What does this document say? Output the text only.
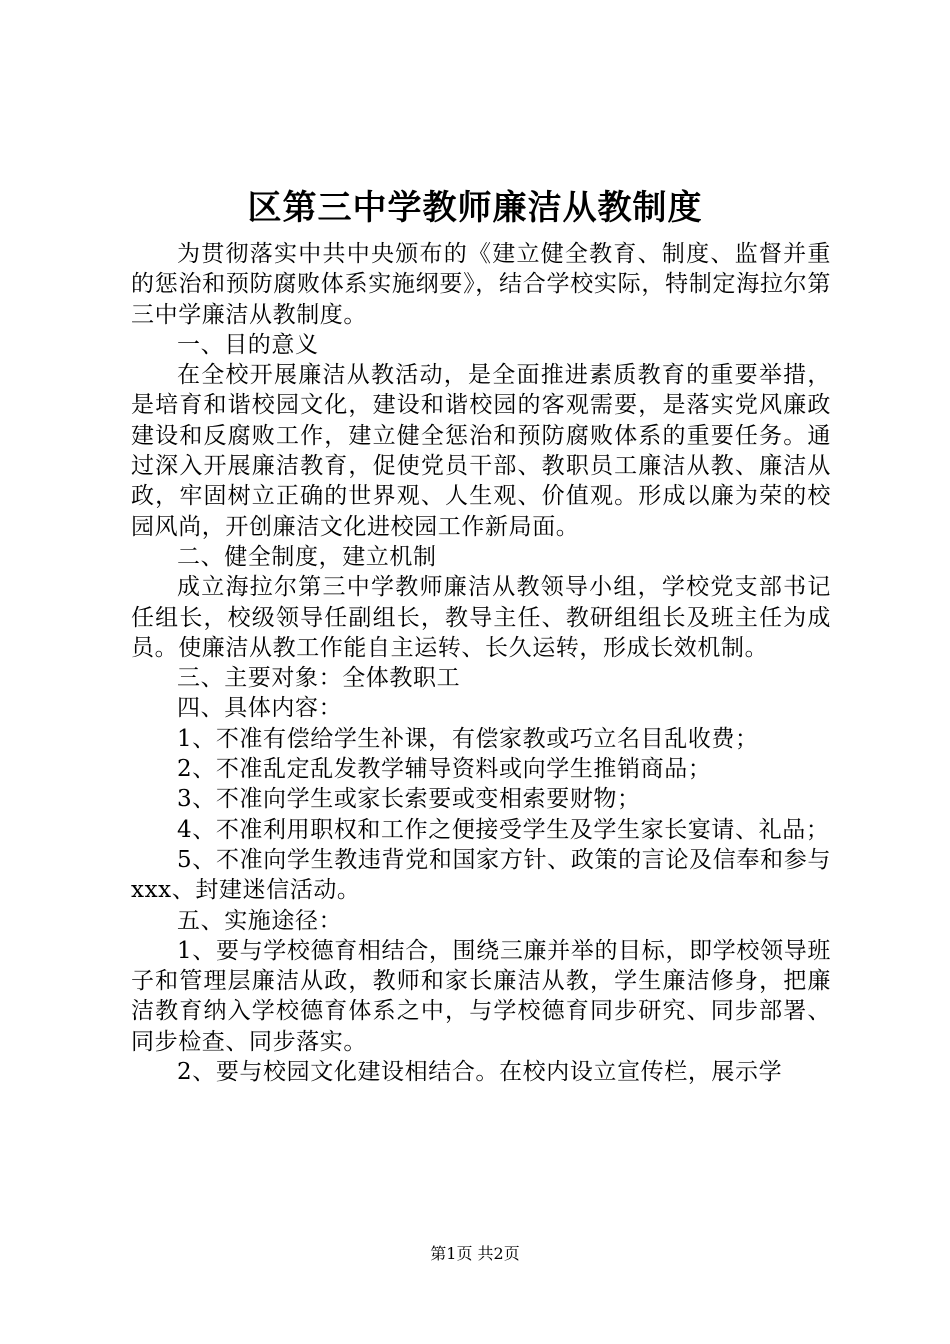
区第三中学教师廉洁从教制度

为贯彻落实中共中央颁布的《建立健全教育、制度、监督并重的惩治和预防腐败体系实施纲要》，结合学校实际，特制定海拉尔第三中学廉洁从教制度。

一、目的意义

在全校开展廉洁从教活动，是全面推进素质教育的重要举措，是培育和谐校园文化，建设和谐校园的客观需要，是落实党风廉政建设和反腐败工作，建立健全惩治和预防腐败体系的重要任务。通过深入开展廉洁教育，促使党员干部、教职员工廉洁从教、廉洁从政，牢固树立正确的世界观、人生观、价值观。形成以廉为荣的校园风尚，开创廉洁文化进校园工作新局面。

二、健全制度，建立机制

成立海拉尔第三中学教师廉洁从教领导小组，学校党支部书记任组长，校级领导任副组长，教导主任、教研组组长及班主任为成员。使廉洁从教工作能自主运转、长久运转，形成长效机制。

三、主要对象：全体教职工

四、具体内容：

1、不准有偿给学生补课，有偿家教或巧立名目乱收费；

2、不准乱定乱发教学辅导资料或向学生推销商品；

3、不准向学生或家长索要或变相索要财物；

4、不准利用职权和工作之便接受学生及学生家长宴请、礼品；

5、不准向学生教违背党和国家方针、政策的言论及信奉和参与xxx、封建迷信活动。

五、实施途径：

1、要与学校德育相结合，围绕三廉并举的目标，即学校领导班子和管理层廉洁从政，教师和家长廉洁从教，学生廉洁修身，把廉洁教育纳入学校德育体系之中，与学校德育同步研究、同步部署、同步检查、同步落实。

2、要与校园文化建设相结合。在校内设立宣传栏，展示学

第1页 共2页
